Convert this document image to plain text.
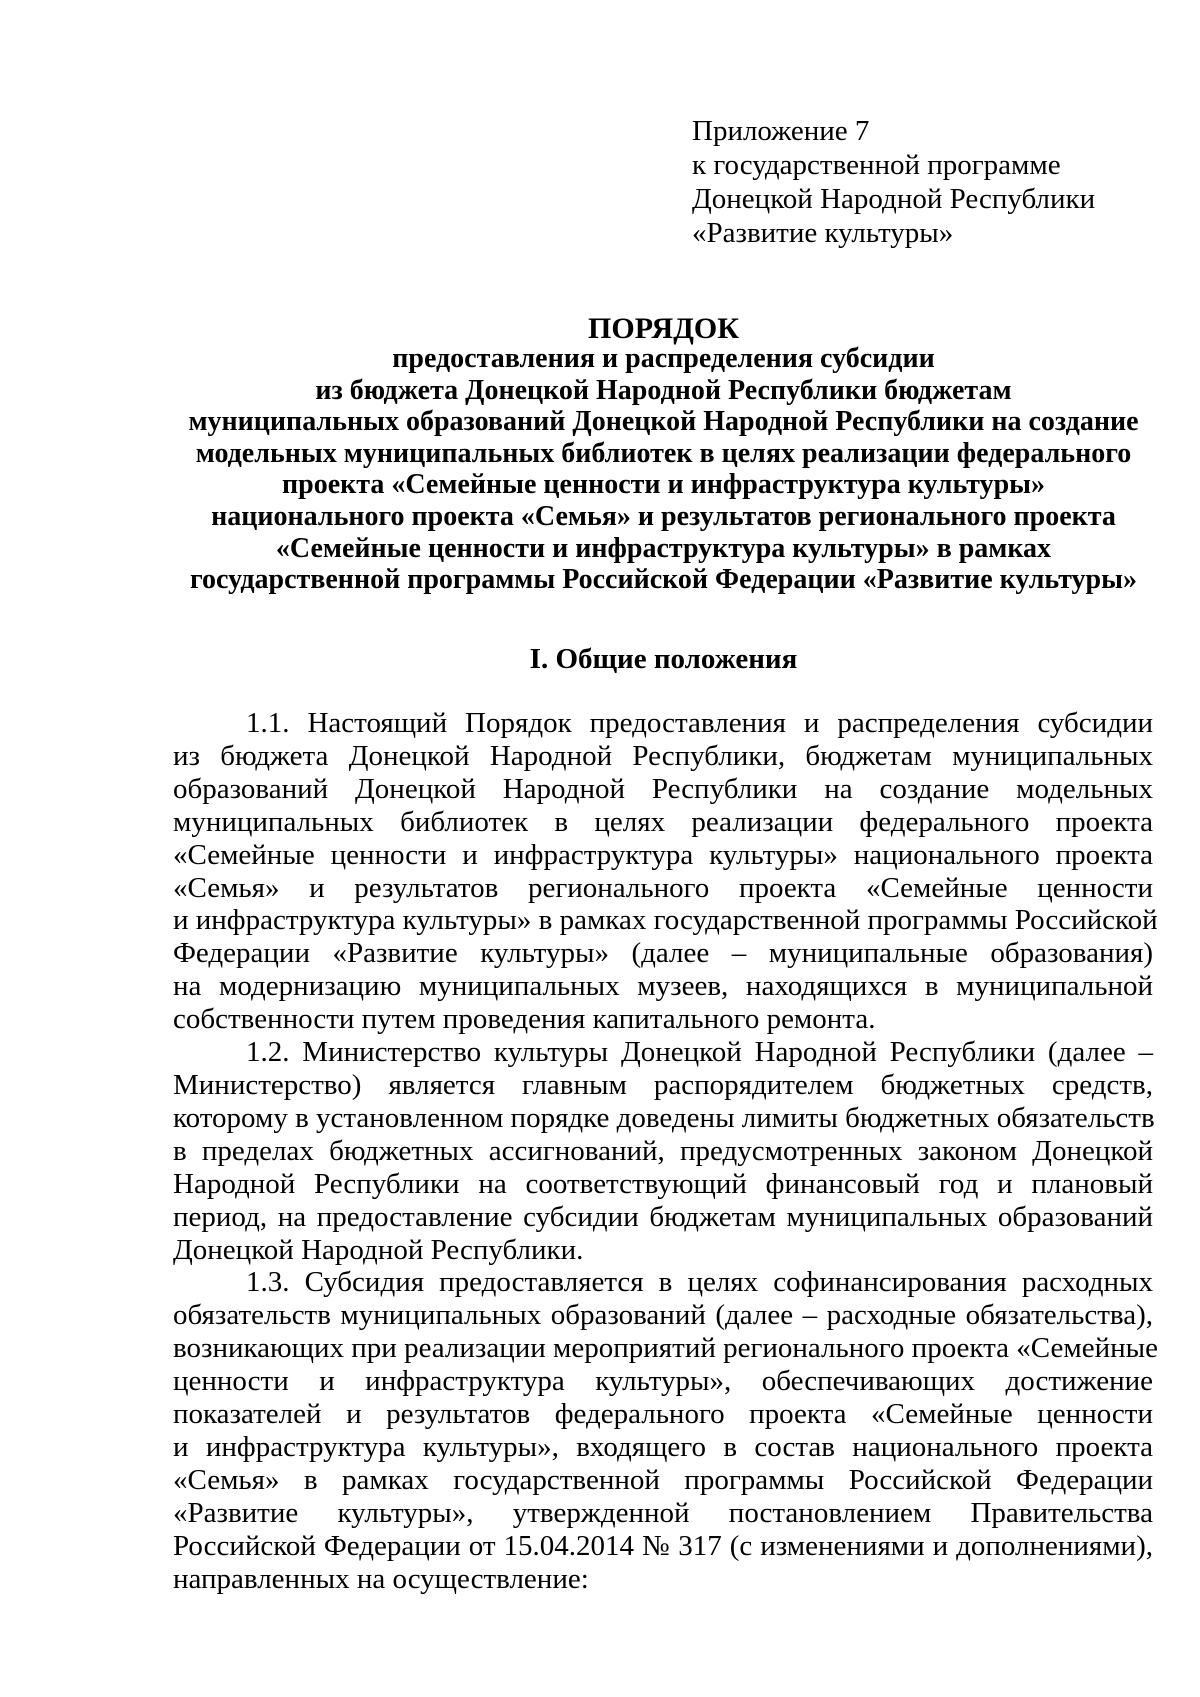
Приложение 7
к государственной программе
Донецкой Народной Республики
«Развитие культуры»
ПОРЯДОК
предоставления и распределения субсидии
из бюджета Донецкой Народной Республики бюджетам
муниципальных образований Донецкой Народной Республики на создание
модельных муниципальных библиотек в целях реализации федерального
проекта «Семейные ценности и инфраструктура культуры»
национального проекта «Семья» и результатов регионального проекта
«Семейные ценности и инфраструктура культуры» в рамках
государственной программы Российской Федерации «Развитие культуры»
I. Общие положения
1.1. Настоящий Порядок предоставления и распределения субсидии
из бюджета Донецкой Народной Республики, бюджетам муниципальных
образований Донецкой Народной Республики на создание модельных
муниципальных библиотек в целях реализации федерального проекта
«Семейные ценности и инфраструктура культуры» национального проекта
«Семья» и результатов регионального проекта «Семейные ценности
и инфраструктура культуры» в рамках государственной программы Российской
Федерации «Развитие культуры» (далее – муниципальные образования)
на модернизацию муниципальных музеев, находящихся в муниципальной
собственности путем проведения капитального ремонта.
1.2. Министерство культуры Донецкой Народной Республики (далее –
Министерство) является главным распорядителем бюджетных средств,
которому в установленном порядке доведены лимиты бюджетных обязательств
в пределах бюджетных ассигнований, предусмотренных законом Донецкой
Народной Республики на соответствующий финансовый год и плановый
период, на предоставление субсидии бюджетам муниципальных образований
Донецкой Народной Республики.
1.3. Субсидия предоставляется в целях софинансирования расходных
обязательств муниципальных образований (далее – расходные обязательства),
возникающих при реализации мероприятий регионального проекта «Семейные
ценности и инфраструктура культуры», обеспечивающих достижение
показателей и результатов федерального проекта «Семейные ценности
и инфраструктура культуры», входящего в состав национального проекта
«Семья» в рамках государственной программы Российской Федерации
«Развитие культуры», утвержденной постановлением Правительства
Российской Федерации от 15.04.2014 № 317 (с изменениями и дополнениями),
направленных на осуществление:
